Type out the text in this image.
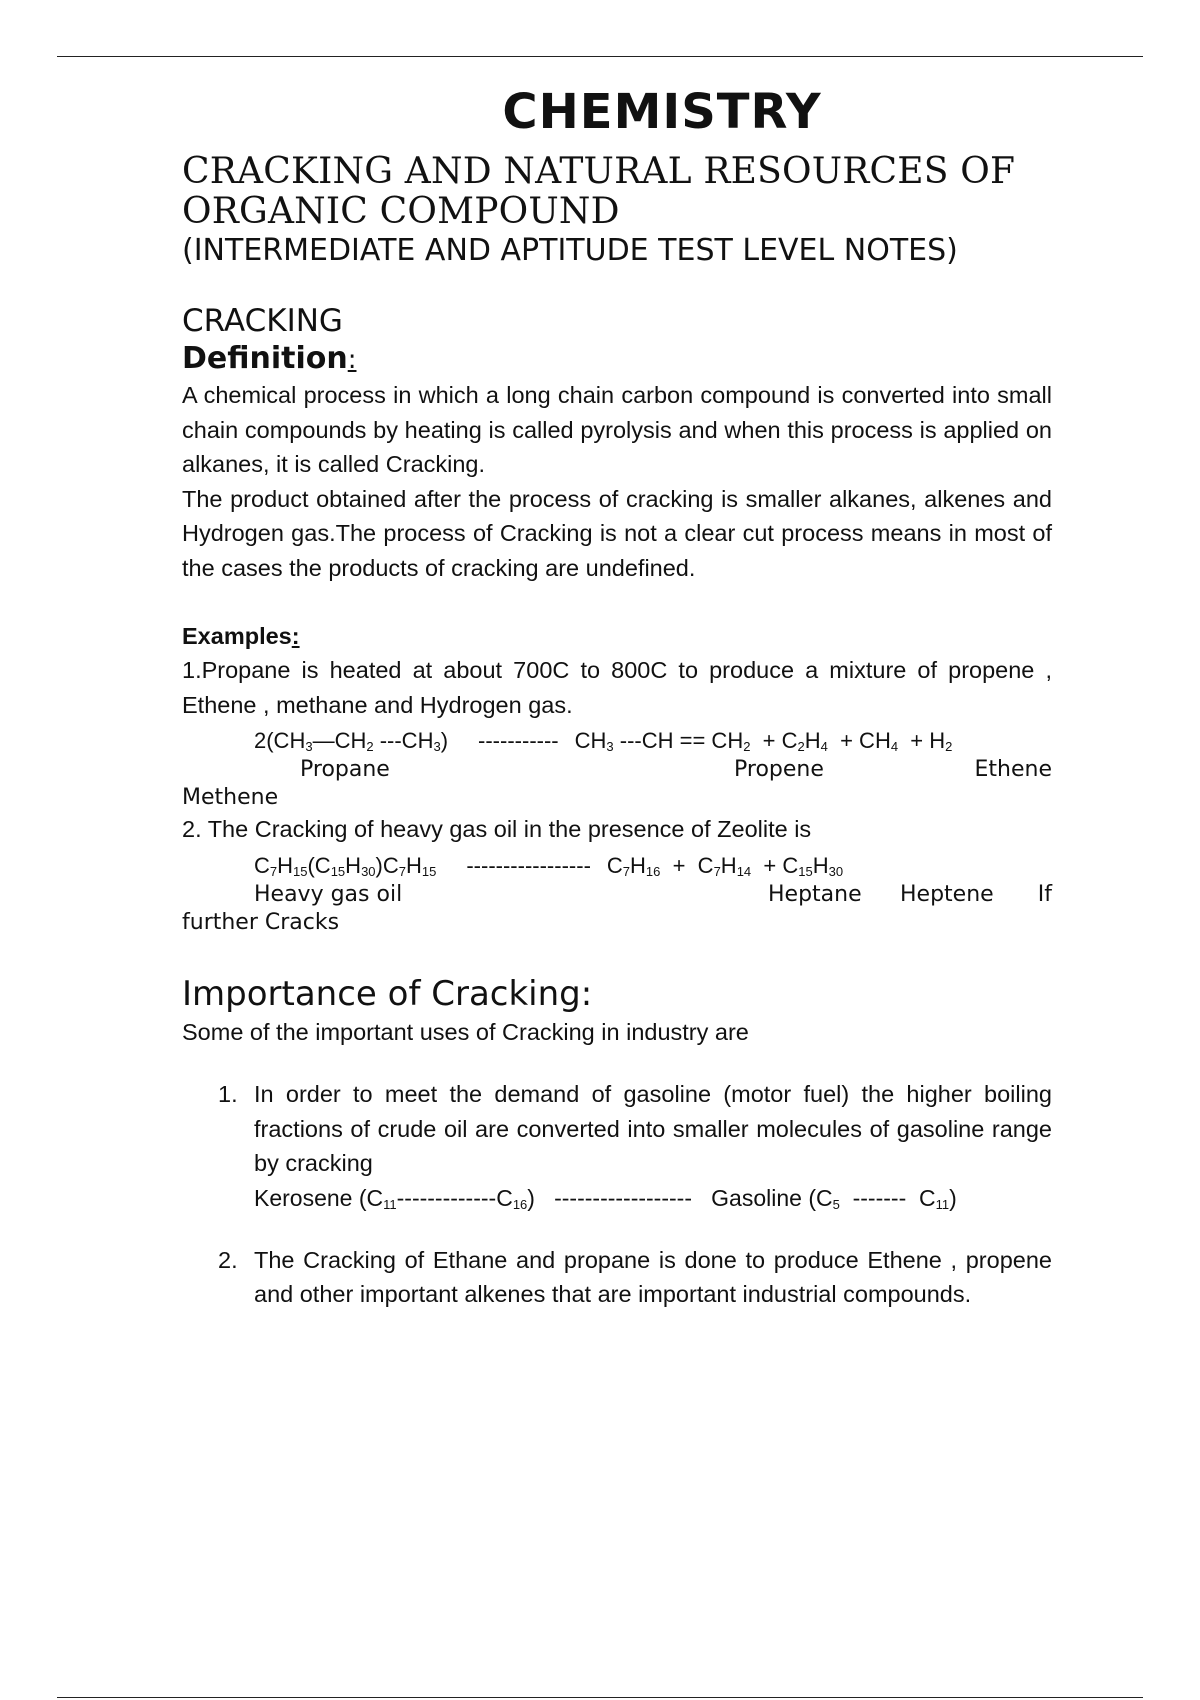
CHEMISTRY
CRACKING AND NATURAL RESOURCES OF
ORGANIC COMPOUND
(INTERMEDIATE AND APTITUDE TEST LEVEL NOTES)
CRACKING
Definition:

A chemical process in which a long chain carbon compound is converted into small chain compounds by heating is called pyrolysis and when this process is applied on alkanes, it is called Cracking.

The product obtained after the process of cracking is smaller alkanes, alkenes and Hydrogen gas.The process of Cracking is not a clear cut process means in most of the cases the products of cracking are undefined.

Examples:

1.Propane is heated at about 700C to 800C to produce a mixture of propene , Ethene , methane and Hydrogen gas.

$2(CH_3—CH_2$ $---CH_3$) ----------- $CH_3$ $---CH == CH_2 + C_2H_4 + CH_4 + H_2$
Propane	Propene	Ethene
Methene

2. The Cracking of heavy gas oil in the presence of Zeolite is

$C_7H_{15}(C_{15}H_{30})C_7H_{15}$ ----------------- $C_7H_{16} + C_7H_{14} + C_{15}H_{30}$
Heavy gas oil	Heptane Heptene If
further Cracks
Importance of Cracking:

Some of the important uses of Cracking in industry are

1. In order to meet the demand of gasoline (motor fuel) the higher boiling fractions of crude oil are converted into smaller molecules of gasoline range by cracking

Kerosene $(C_{11}-------------C_{16})$   ------------------   Gasoline ($C_5$  -------  $C_{11}$)
2. The Cracking of Ethane and propane is done to produce Ethene , propene and other important alkenes that are important industrial compounds.
